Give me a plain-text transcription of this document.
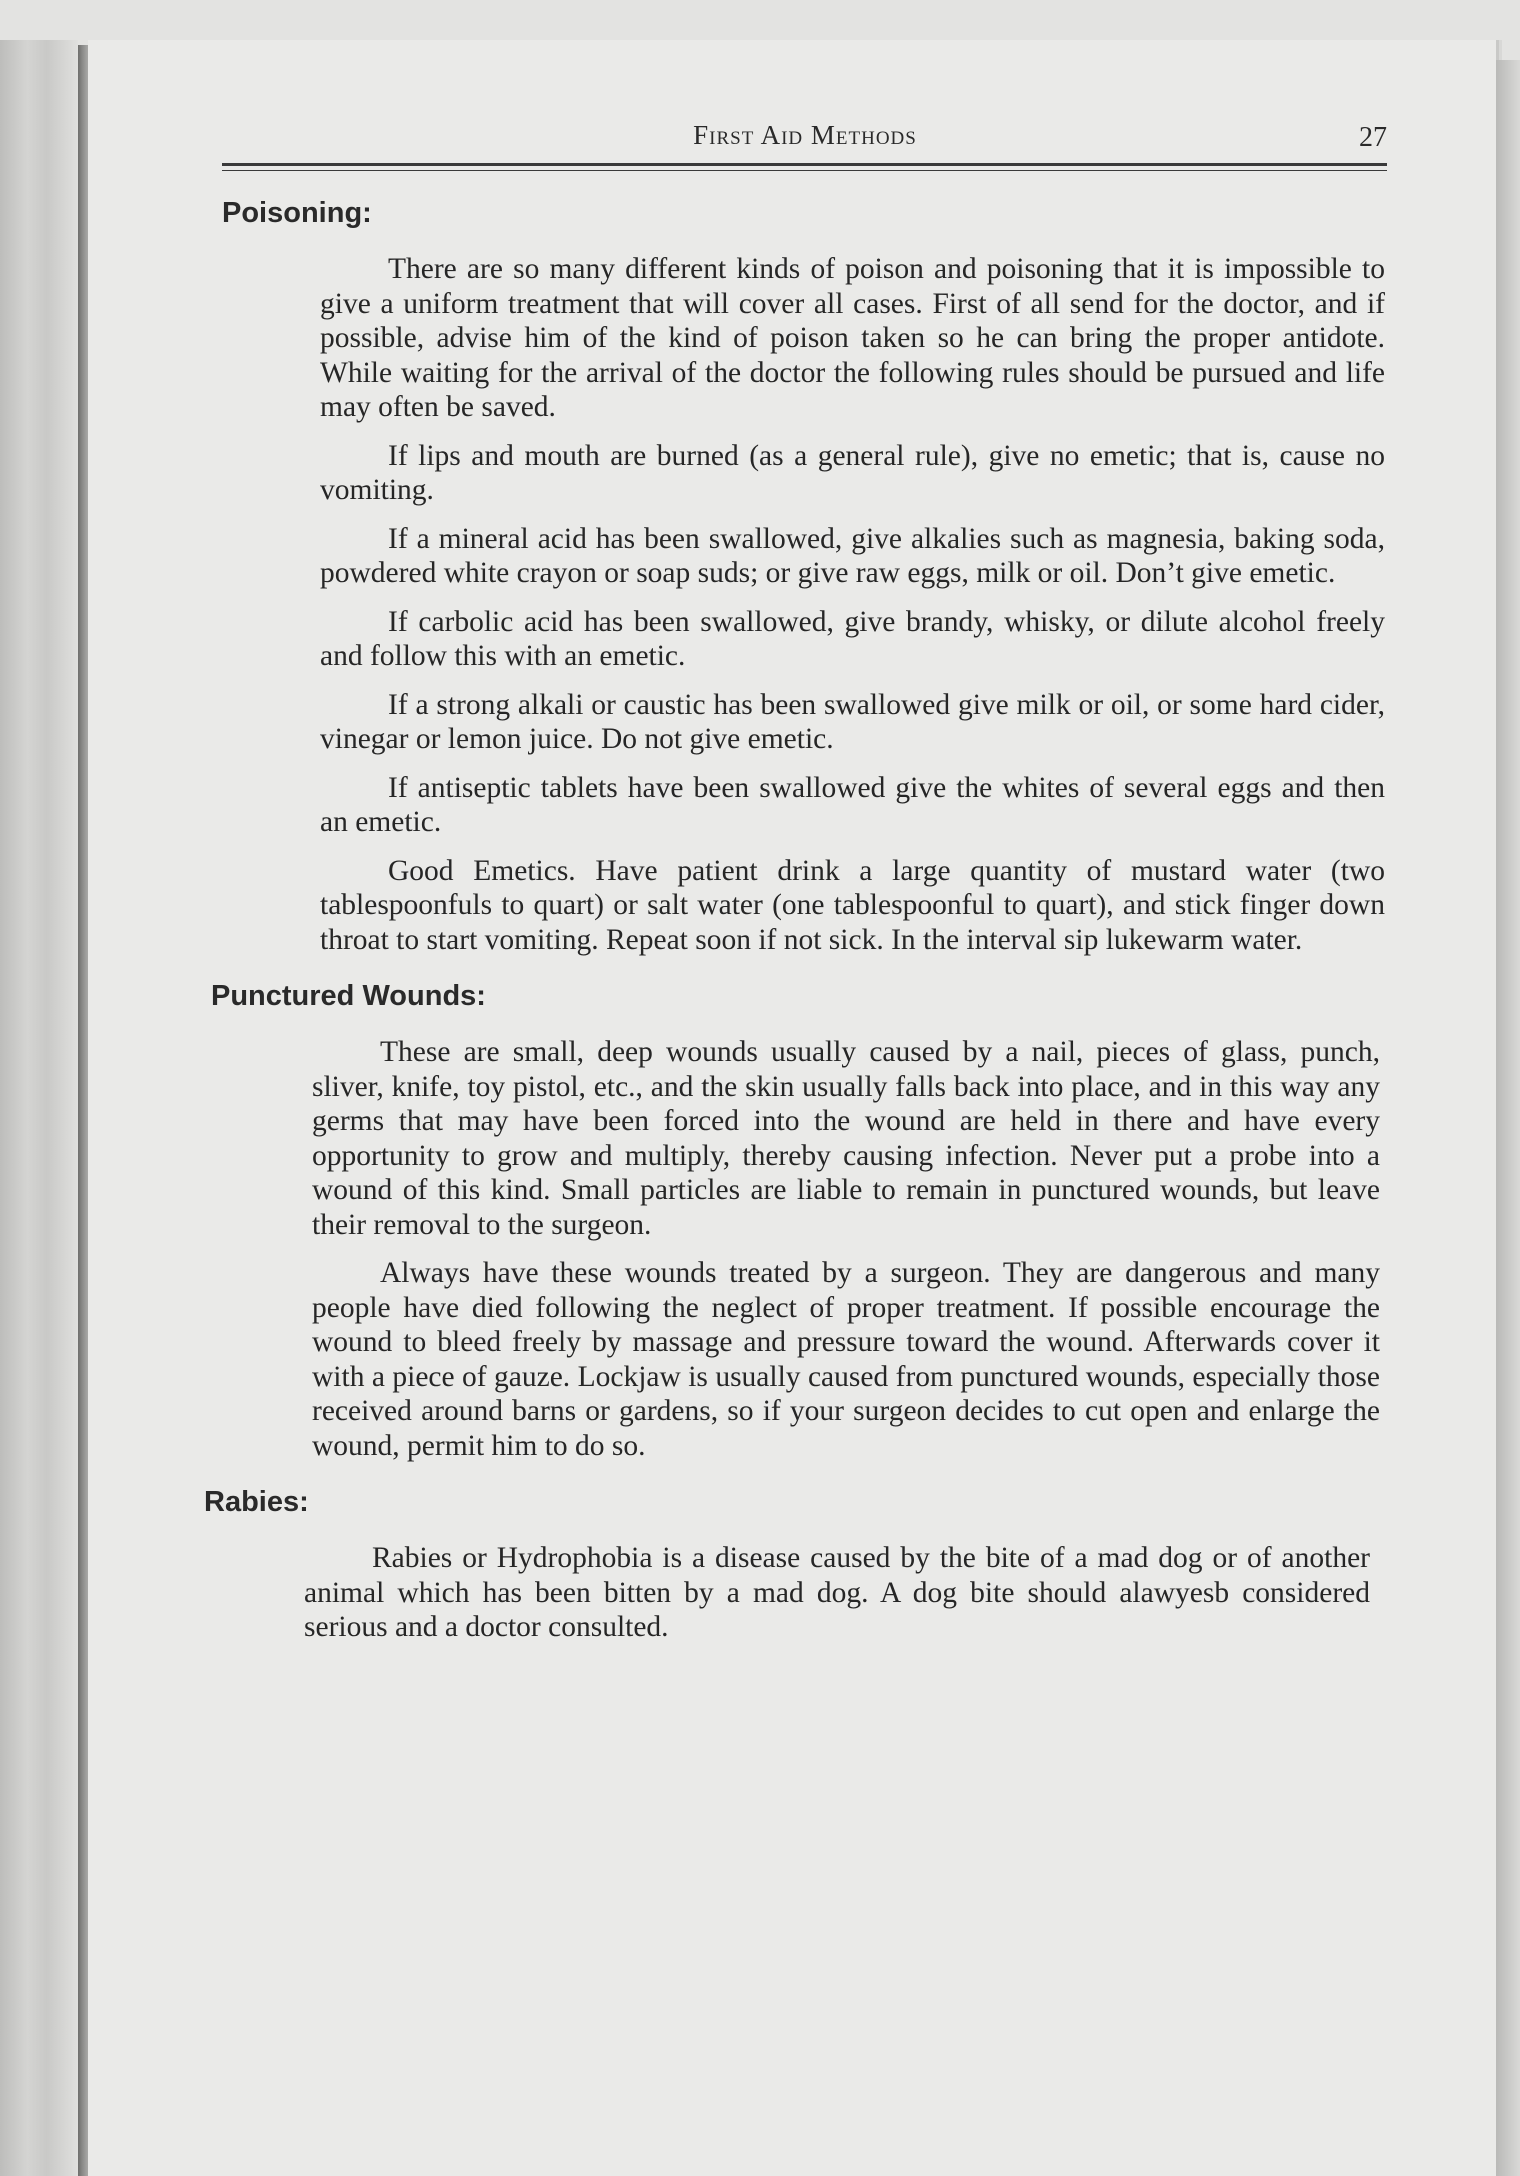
First Aid Methods	27
Poisoning:

There are so many different kinds of poison and poisoning that it is impossible to give a uniform treatment that will cover all cases. First of all send for the doctor, and if possible, advise him of the kind of poison taken so he can bring the proper antidote. While waiting for the arrival of the doctor the following rules should be pursued and life may often be saved.

If lips and mouth are burned (as a general rule), give no emetic; that is, cause no vomiting.

If a mineral acid has been swallowed, give alkalies such as magnesia, baking soda, powdered white crayon or soap suds; or give raw eggs, milk or oil. Don’t give emetic.

If carbolic acid has been swallowed, give brandy, whisky, or dilute alcohol freely and follow this with an emetic.

If a strong alkali or caustic has been swallowed give milk or oil, or some hard cider, vinegar or lemon juice. Do not give emetic.

If antiseptic tablets have been swallowed give the whites of several eggs and then an emetic.

Good Emetics. Have patient drink a large quantity of mustard water (two tablespoonfuls to quart) or salt water (one tablespoonful to quart), and stick finger down throat to start vomiting. Repeat soon if not sick. In the interval sip lukewarm water.

Punctured Wounds:

These are small, deep wounds usually caused by a nail, pieces of glass, punch, sliver, knife, toy pistol, etc., and the skin usually falls back into place, and in this way any germs that may have been forced into the wound are held in there and have every opportunity to grow and multiply, thereby causing infection. Never put a probe into a wound of this kind. Small particles are liable to remain in punctured wounds, but leave their removal to the surgeon.

Always have these wounds treated by a surgeon. They are dangerous and many people have died following the neglect of proper treatment. If possible encourage the wound to bleed freely by massage and pressure toward the wound. Afterwards cover it with a piece of gauze. Lockjaw is usually caused from punctured wounds, especially those received around barns or gardens, so if your surgeon decides to cut open and enlarge the wound, permit him to do so.

Rabies:

Rabies or Hydrophobia is a disease caused by the bite of a mad dog or of another animal which has been bitten by a mad dog. A dog bite should alawyesb considered serious and a doctor consulted.
